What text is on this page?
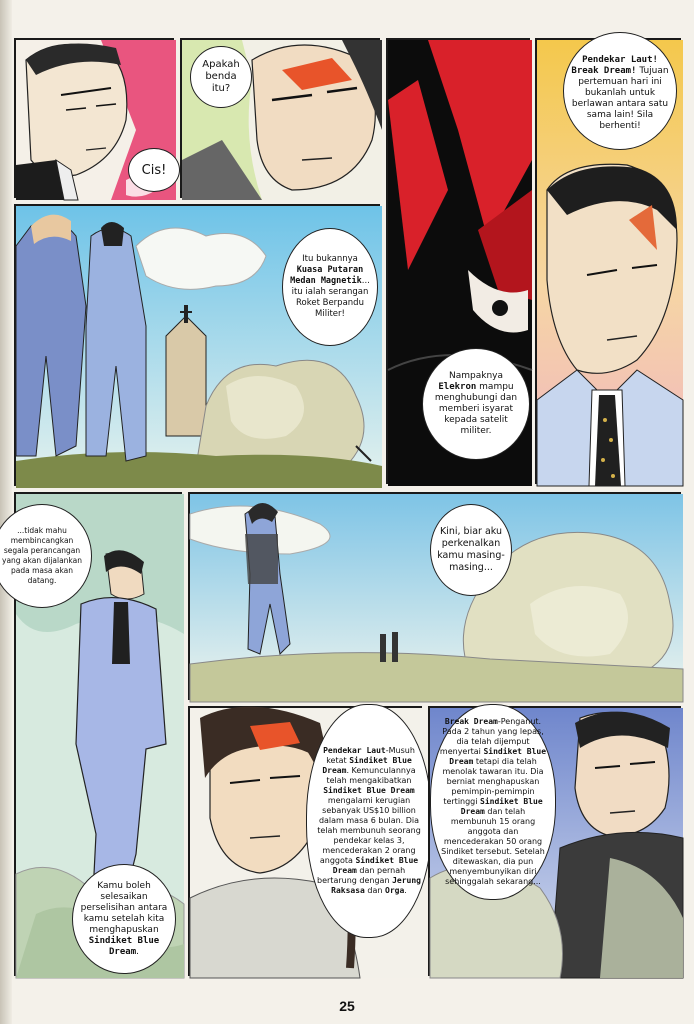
Cis!
Apakah benda itu?
Nampaknya Elekron mampu menghubungi dan memberi isyarat kepada satelit militer.
Pendekar Laut! Break Dream! Tujuan pertemuan hari ini bukanlah untuk berlawan antara satu sama lain! Sila berhenti!
Itu bukannya Kuasa Putaran Medan Magnetik... itu ialah serangan Roket Berpandu Militer!
...tidak mahu membincangkan segala perancangan yang akan dijalankan pada masa akan datang.
Kamu boleh selesaikan perselisihan antara kamu setelah kita menghapuskan Sindiket Blue Dream.
Kini, biar aku perkenalkan kamu masing-masing...
Pendekar Laut-Musuh ketat Sindiket Blue Dream. Kemunculannya telah mengakibatkan Sindiket Blue Dream mengalami kerugian sebanyak US$10 billion dalam masa 6 bulan. Dia telah membunuh seorang pendekar kelas 3, mencederakan 2 orang anggota Sindiket Blue Dream dan pernah bertarung dengan Jerung Raksasa dan Orga.
Break Dream-Penganut. Pada 2 tahun yang lepas, dia telah dijemput menyertai Sindiket Blue Dream tetapi dia telah menolak tawaran itu. Dia berniat menghapuskan pemimpin-pemimpin tertinggi Sindiket Blue Dream dan telah membunuh 15 orang anggota dan mencederakan 50 orang Sindiket tersebut. Setelah ditewaskan, dia pun menyembunyikan diri sehinggalah sekarang...
25
